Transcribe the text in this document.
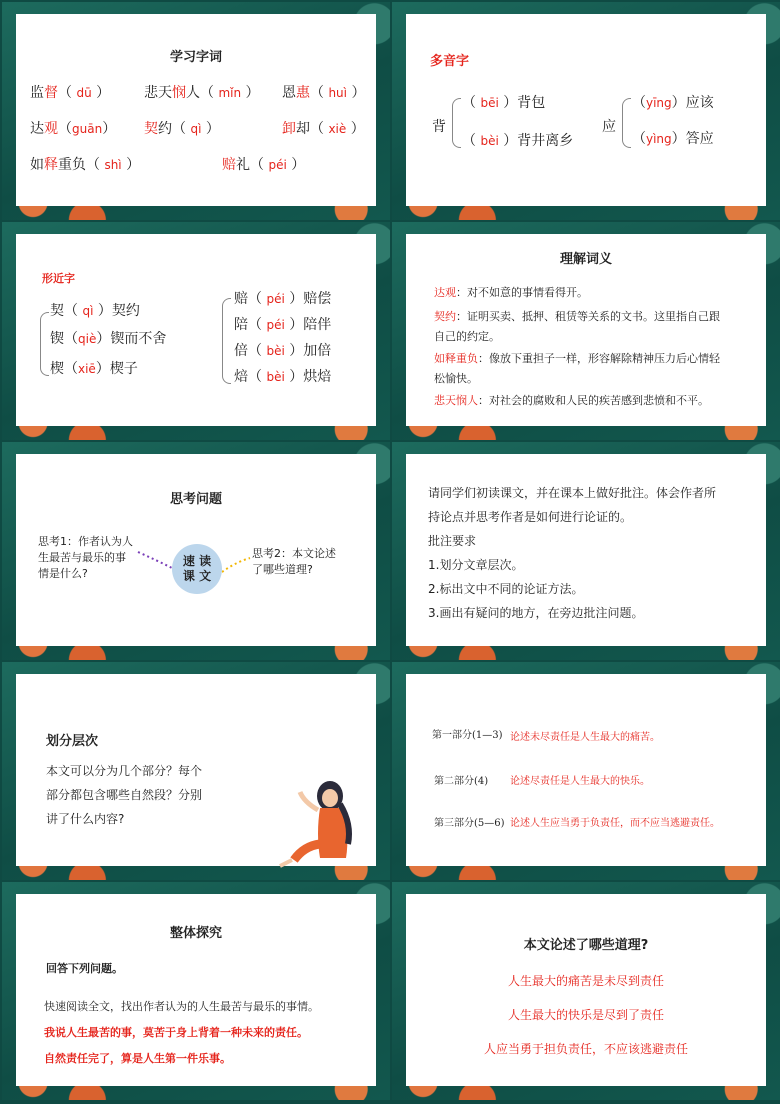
学习字词
监督（ dū ） 悲天悯人（ mǐn ） 恩惠（ huì ）
达观（guān） 契约（ qì ）	卸却（ xiè ）
如释重负（ shì ）	赔礼（ péi ）
多音字
背
（ bēi ）背包
（ bèi ）背井离乡
应
（yīng）应该
（yìng）答应
形近字
契（ qì ）契约
锲（qiè）锲而不舍
楔（xiē）楔子
赔（ péi ）赔偿
陪（ péi ）陪伴
倍（ bèi ）加倍
焙（ bèi ）烘焙
理解词义
达观：对不如意的事情看得开。
契约：证明买卖、抵押、租赁等关系的文书。这里指自己跟
自己的约定。
如释重负：像放下重担子一样，形容解除精神压力后心情轻
松愉快。
悲天悯人：对社会的腐败和人民的疾苦感到悲愤和不平。
思考问题
思考1：作者认为人
生最苦与最乐的事
情是什么?
速 读
课 文
思考2：本文论述
了哪些道理?
请同学们初读课文，并在课本上做好批注。体会作者所
持论点并思考作者是如何进行论证的。
批注要求
1.划分文章层次。
2.标出文中不同的论证方法。
3.画出有疑问的地方，在旁边批注问题。
划分层次
本文可以分为几个部分？每个
部分都包含哪些自然段？分别
讲了什么内容?
第一部分(1—3) 论述未尽责任是人生最大的痛苦。
第二部分(4) 论述尽责任是人生最大的快乐。
第三部分(5—6) 论述人生应当勇于负责任，而不应当逃避责任。
整体探究
回答下列问题。
快速阅读全文，找出作者认为的人生最苦与最乐的事情。
我说人生最苦的事，莫苦于身上背着一种未来的责任。
自然责任完了，算是人生第一件乐事。
本文论述了哪些道理?
人生最大的痛苦是未尽到责任
人生最大的快乐是尽到了责任
人应当勇于担负责任，不应该逃避责任
